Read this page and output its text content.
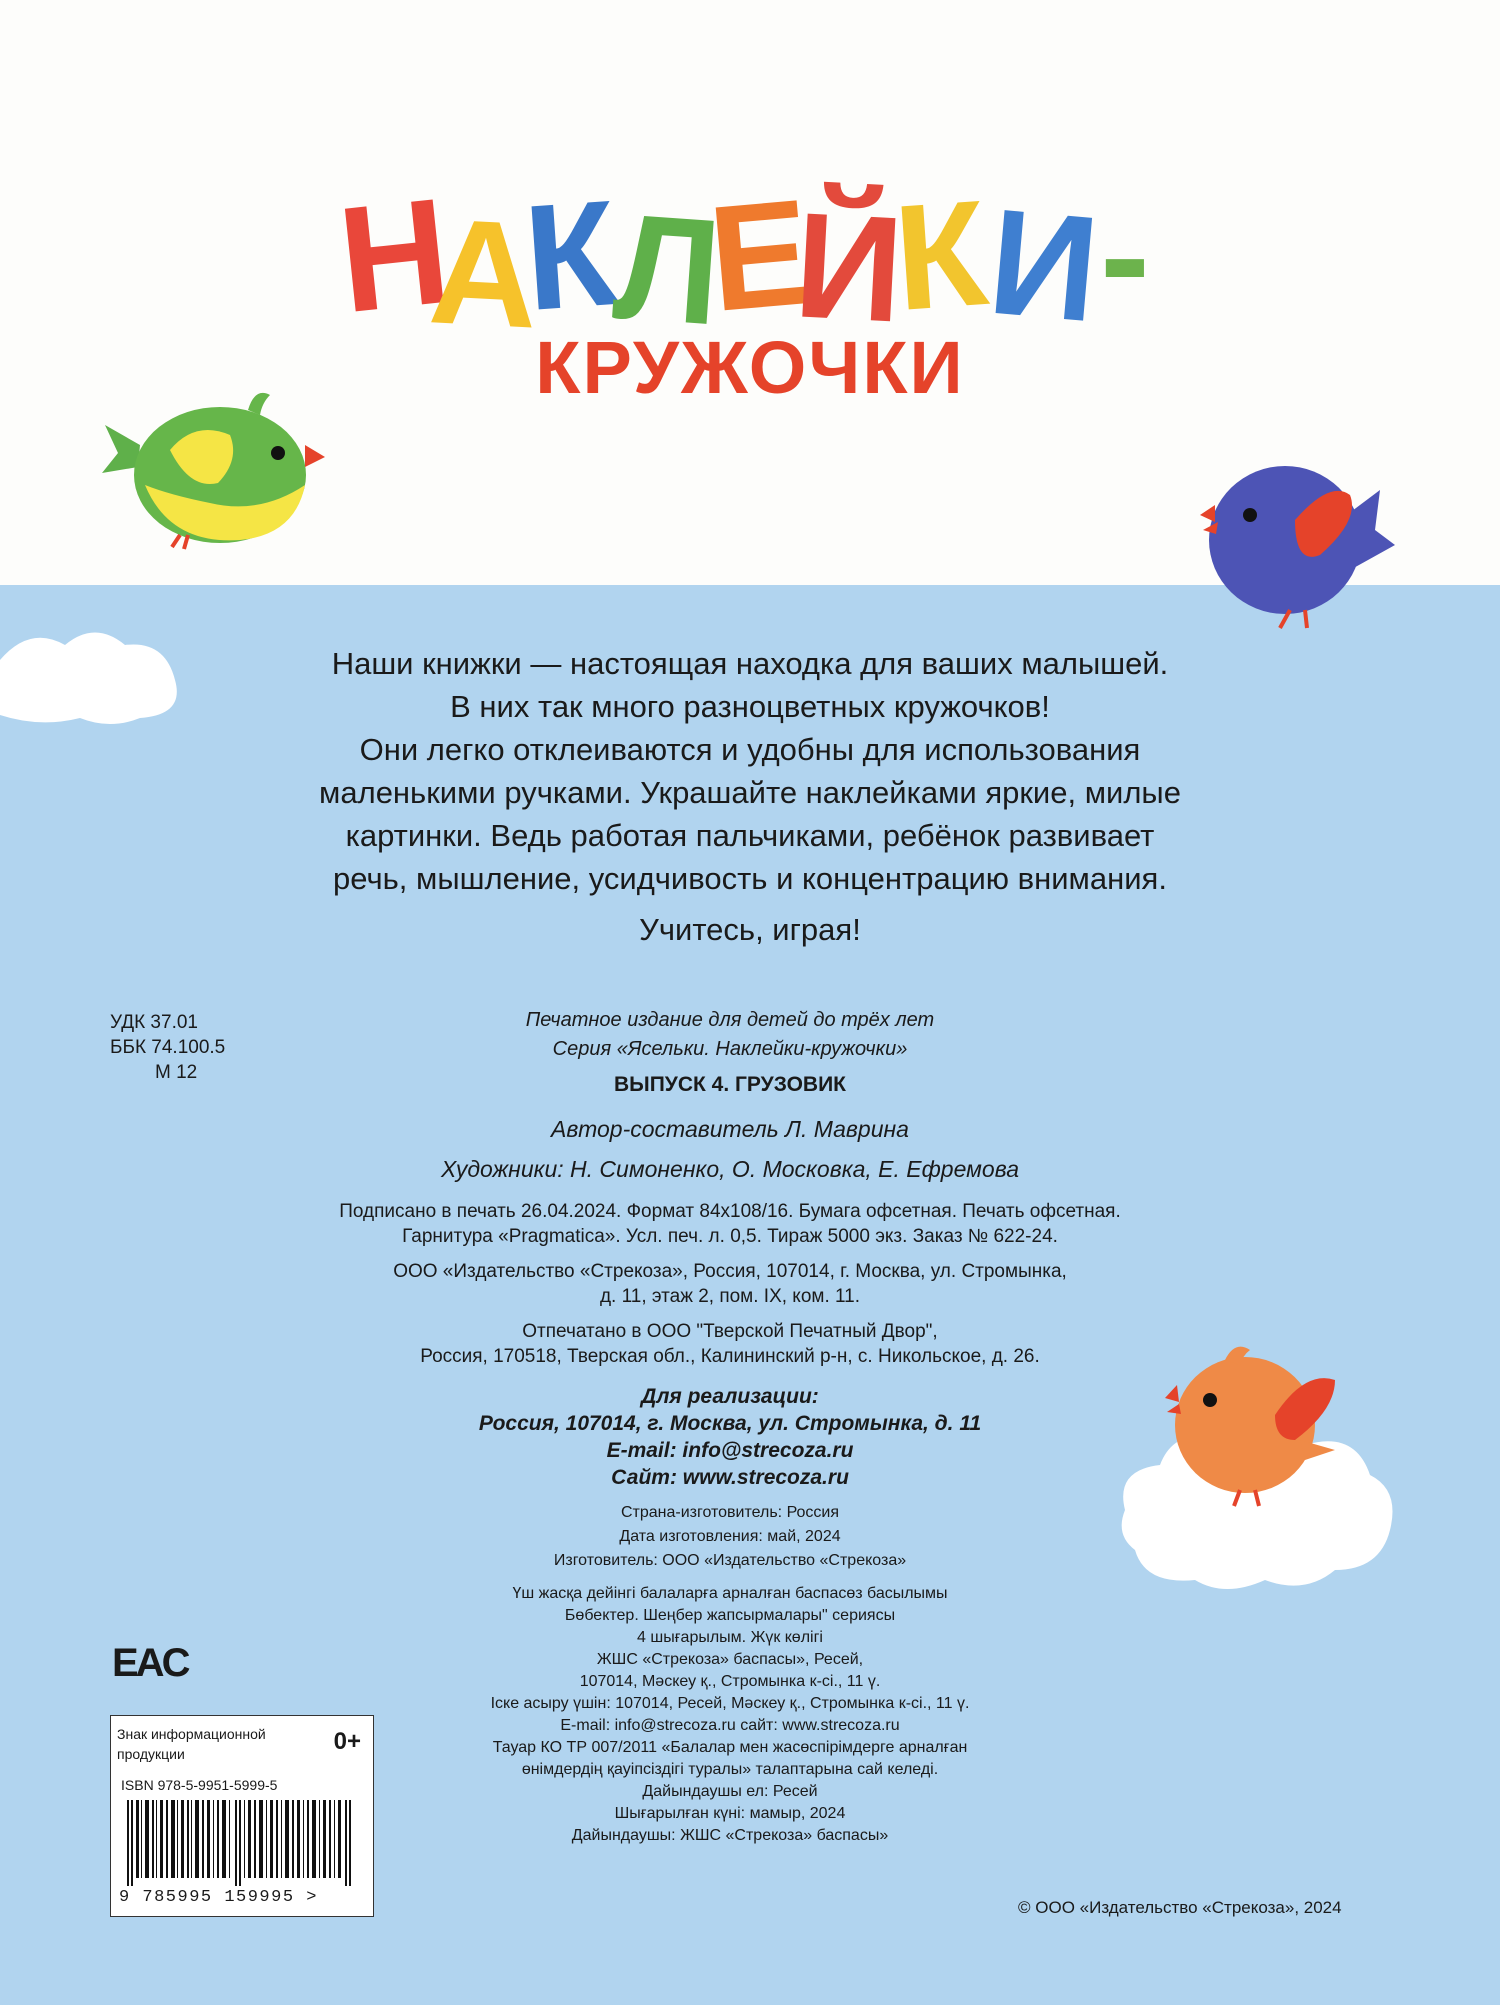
Н
А
К
Л
Е
Й
К
И
-
КРУЖОЧКИ

Наши книжки — настоящая находка для ваших малышей.

В них так много разноцветных кружочков!

Они легко отклеиваются и удобны для использования

маленькими ручками. Украшайте наклейками яркие, милые

картинки. Ведь работая пальчиками, ребёнок развивает

речь, мышление, усидчивость и концентрацию внимания.

Учитесь, играя!

УДК 37.01
ББК 74.100.5
М 12
Печатное издание для детей до трёх лет
Серия «Ясельки. Наклейки-кружочки»
ВЫПУСК 4. ГРУЗОВИК
Автор-составитель Л. Маврина
Художники: Н. Симоненко, О. Московка, Е. Ефремова
Подписано в печать 26.04.2024. Формат 84х108/16. Бумага офсетная. Печать офсетная.
Гарнитура «Pragmatica». Усл. печ. л. 0,5. Тираж 5000 экз. Заказ № 622-24.
ООО «Издательство «Стрекоза», Россия, 107014, г. Москва, ул. Стромынка,
д. 11, этаж 2, пом. IX, ком. 11.
Отпечатано в ООО "Тверской Печатный Двор",
Россия, 170518, Тверская обл., Калининский р-н, с. Никольское, д. 26.
Для реализации:
Россия, 107014, г. Москва, ул. Стромынка, д. 11
E-mail: info@strecoza.ru
Сайт: www.strecoza.ru
Страна-изготовитель: Россия
Дата изготовления: май, 2024
Изготовитель: ООО «Издательство «Стрекоза»
Үш жасқа дейінгі балаларға арналған баспасөз басылымы
Бөбектер. Шеңбер жапсырмалары" сериясы
4 шығарылым. Жүк көлігі
ЖШС «Стрекоза» баспасы», Ресей,
107014, Мәскеу қ., Стромынка к-сі., 11 ү.
Іске асыру үшін: 107014, Ресей, Мәскеу қ., Стромынка к-сі., 11 ү.
E-mail: info@strecoza.ru сайт: www.strecoza.ru
Тауар КО ТР 007/2011 «Балалар мен жасөспірімдерге арналған
өнімдердің қауіпсіздігі туралы» талаптарына сай келеді.
Дайындаушы ел: Ресей
Шығарылған күні: мамыр, 2024
Дайындаушы: ЖШС «Стрекоза» баспасы»
EAC
Знак информационной продукции	0+
ISBN 978-5-9951-5999-5
9 785995 159995 >
© ООО «Издательство «Стрекоза», 2024
